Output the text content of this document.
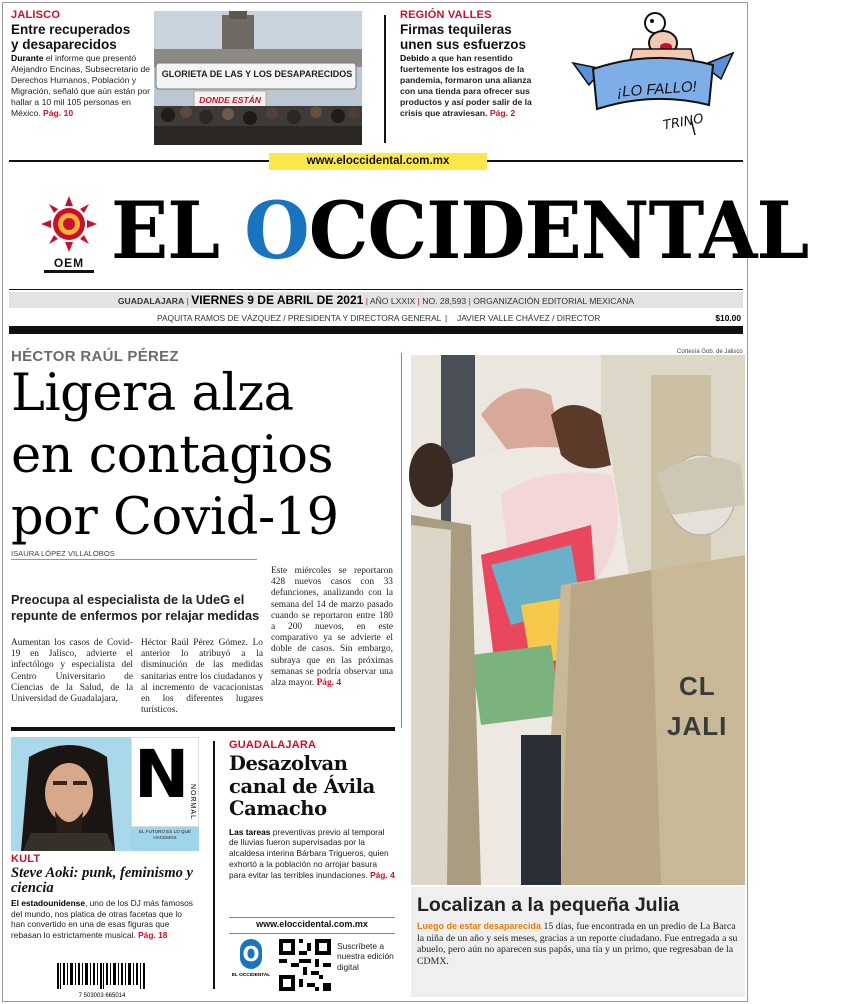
JALISCO
Entre recuperados
y desaparecidos
Durante el informe que presentó Alejandro Encinas, Subsecretario de Derechos Humanos, Población y Migración, señaló que aún están por hallar a 10 mil 105 personas en México. Pág. 10
GLORIETA DE LAS Y LOS DESAPARECIDOS
DONDE ESTÁN
REGIÓN VALLES
Firmas tequileras
unen sus esfuerzos
Debido a que han resentido fuertemente los estragos de la pandemia, formaron una alianza con una tienda para ofrecer sus productos y así poder salir de la crisis que atraviesan. Pág. 2
¡LO FALLO!
TRINO
www.eloccidental.com.mx
OEM EL OCCIDENTAL
GUADALAJARA | VIERNES 9 DE ABRIL DE 2021 | AÑO LXXIX | NO. 28,593 | ORGANIZACIÓN EDITORIAL MEXICANA
PAQUITA RAMOS DE VÁZQUEZ / PRESIDENTA Y DIRECTORA GENERAL | JAVIER VALLE CHÁVEZ / DIRECTOR	$10.00
HÉCTOR RAÚL PÉREZ
Ligera alza
en contagios
por Covid-19
ISAURA LÓPEZ VILLALOBOS
Preocupa al especialista de la UdeG el repunte de enfermos por relajar medidas
Aumentan los casos de Covid-19 en Jalisco, advierte el infectólogo y especialista del Centro Universitario de Ciencias de la Salud, de la Universidad de Guadalajara,
Héctor Raúl Pérez Gómez. Lo anterior lo atribuyó a la disminución de las medidas sanitarias entre los ciudadanos y al incremento de vacacionistas en los diferentes lugares turísticos.
Este miércoles se reportaron 428 nuevos casos con 33 defunciones, analizando con la semana del 14 de marzo pasado cuando se reportaron entre 180 a 200 nuevos, en este comparativo ya se advierte el doble de casos. Sin embargo, subraya que en las próximas semanas se podría observar una alza mayor. Pág. 4
Cortesía Gob. de Jalisco
CL
JALI
Localizan a la pequeña Julia
Luego de estar desaparecida 15 días, fue encontrada en un predio de La Barca la niña de un año y seis meses, gracias a un reporte ciudadano. Fue entregada a su abuelo, pero aún no aparecen sus papás, una tía y un primo, que regresaban de la CDMX.
N NORMAL
EL FUTURO ES LO QUE HACEMOS
KULT
Steve Aoki: punk, feminismo y ciencia
El estadounidense, uno de los DJ más famosos del mundo, nos platica de otras facetas que lo han convertido en una de esas figuras que rebasan lo estrictamente musical. Pág. 18
7 503003 665014
GUADALAJARA
Desazolvan
canal de Ávila
Camacho
Las tareas preventivas previo al temporal de lluvias fueron supervisadas por la alcaldesa interina Bárbara Trigueros, quien exhortó a la población no arrojar basura para evitar las terribles inundaciones. Pág. 4
www.eloccidental.com.mx
O
EL OCCIDENTAL
Suscríbete a nuestra edición digital
